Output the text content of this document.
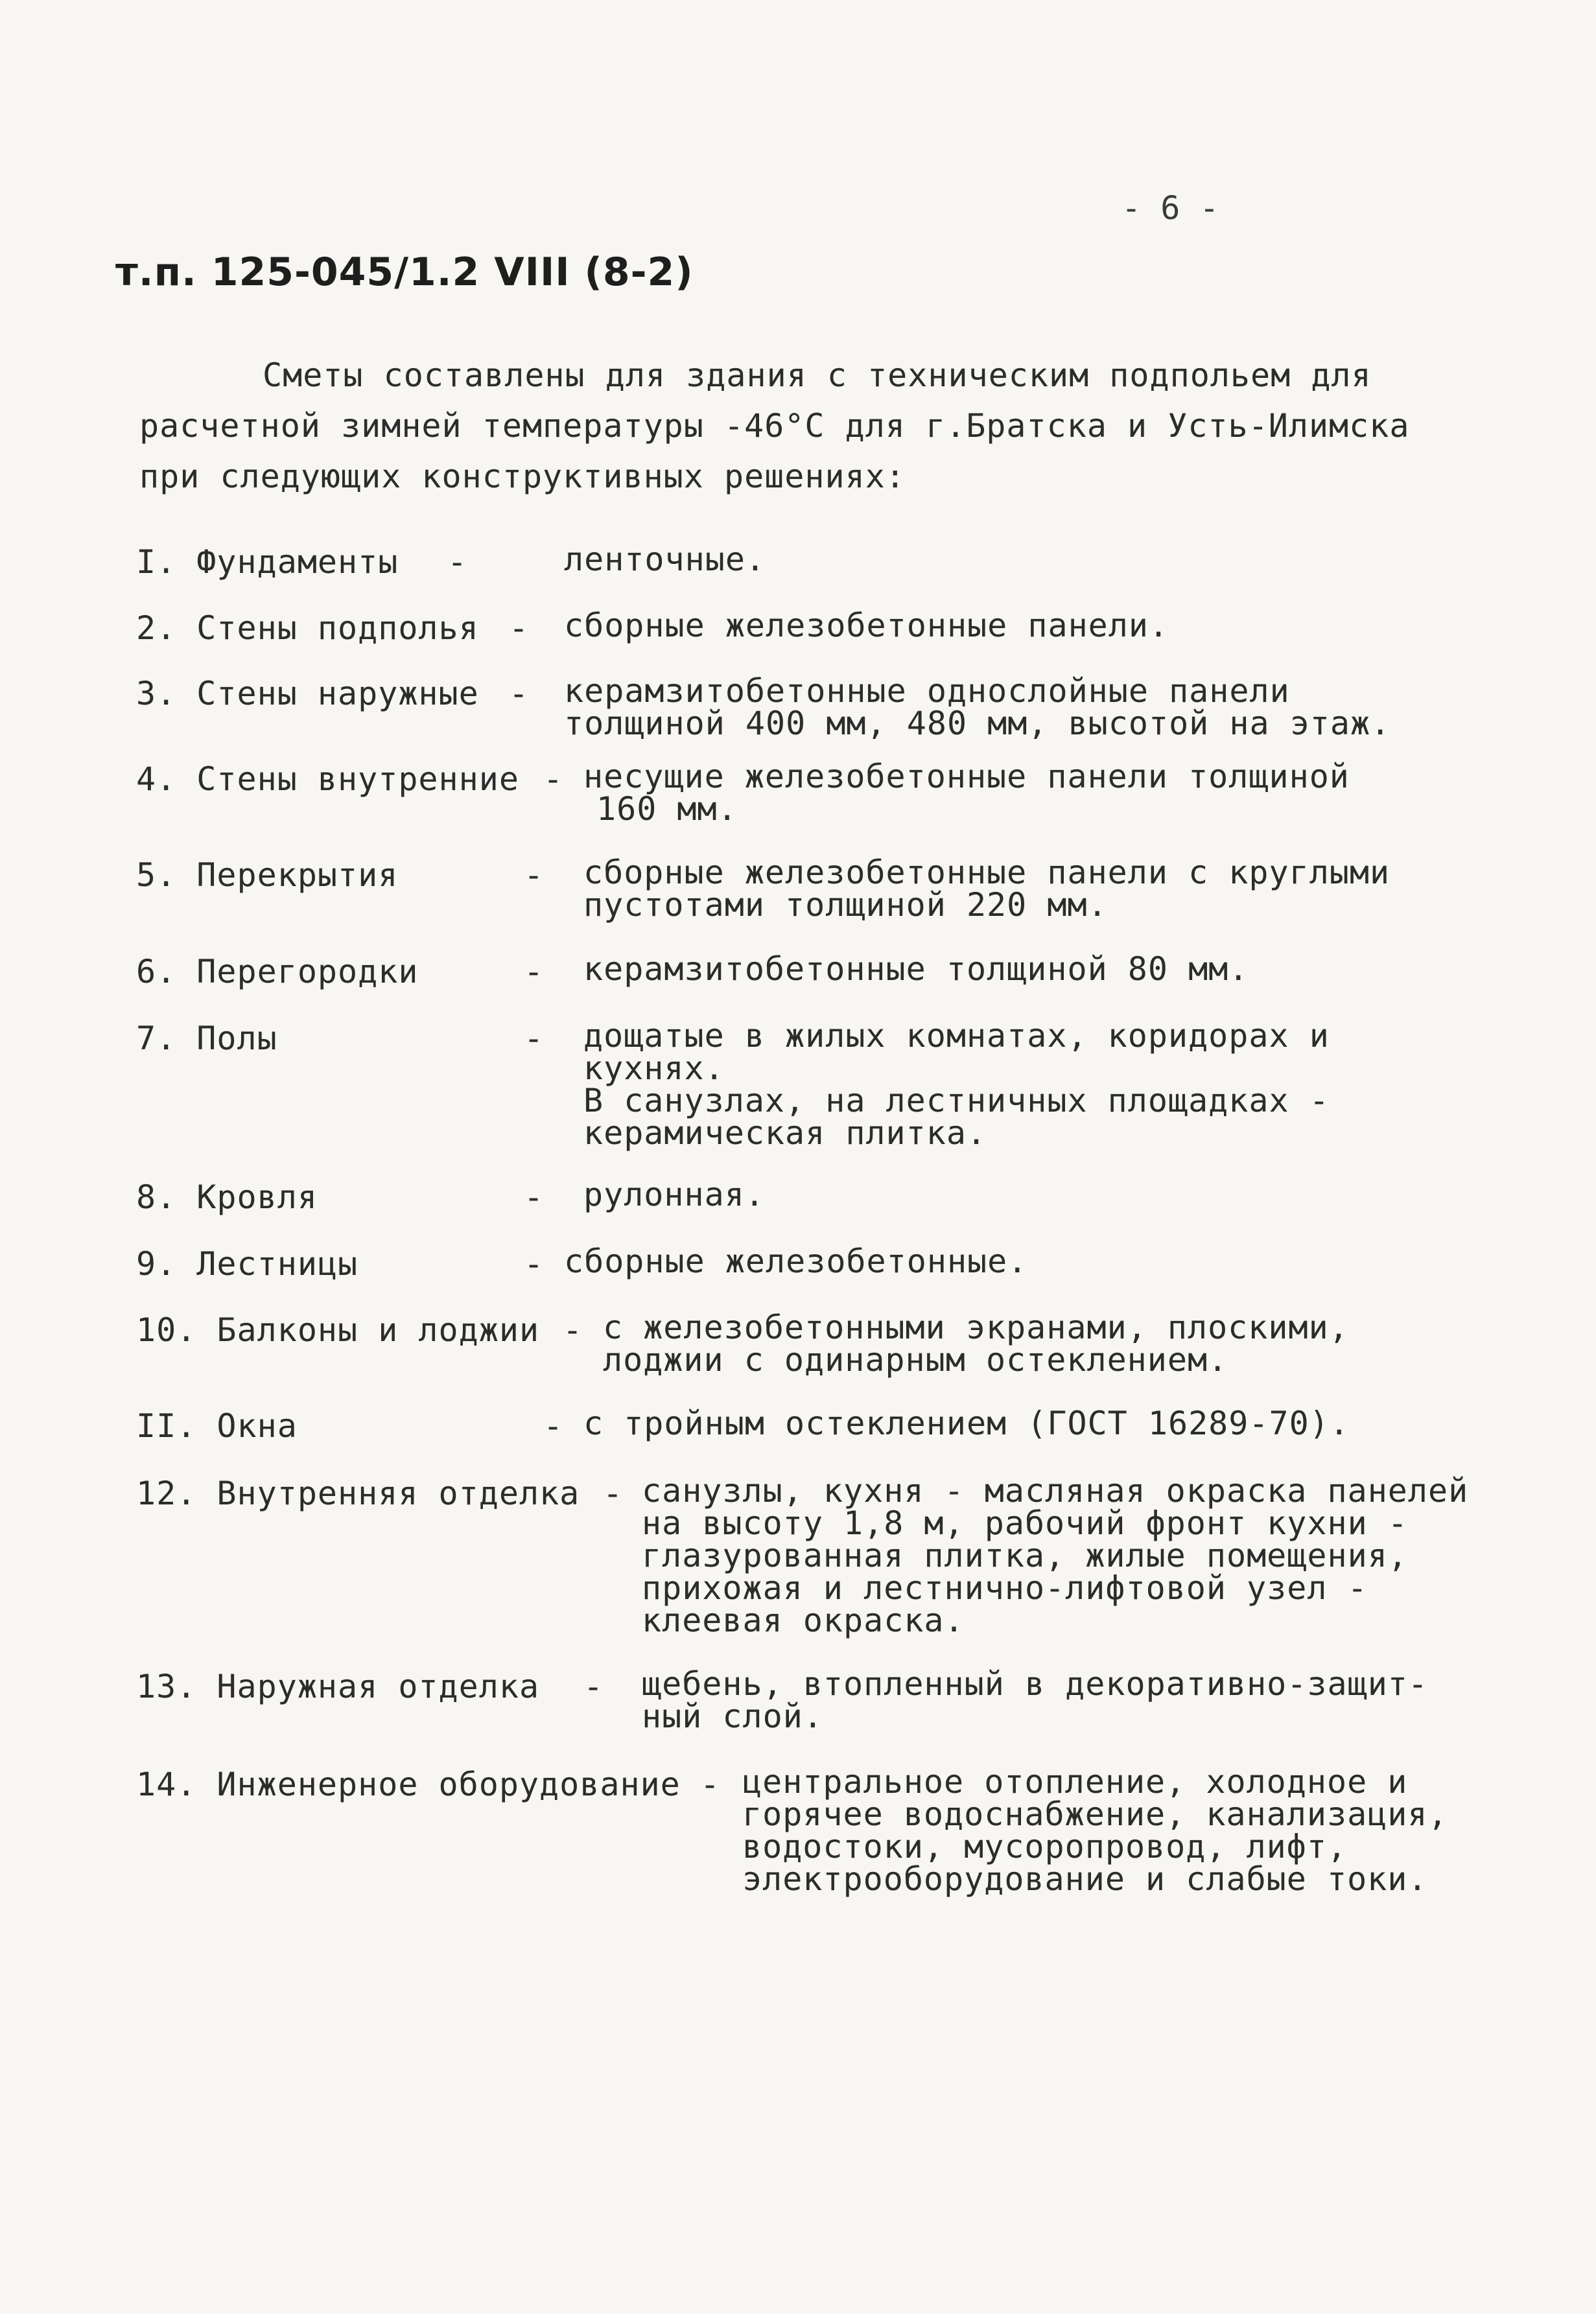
- 6 -
т.п. 125-045/1.2 VIII (8-2)

Сметы составлены для здания с техническим подпольем для

расчетной зимней температуры -46°С для г.Братска и Усть-Илимска

при следующих конструктивных решениях:

I. Фундаменты -	ленточные.

2. Стены подполья - сборные железобетонные панели.

3. Стены наружные - керамзитобетонные однослойные панели

толщиной 400 мм, 480 мм, высотой на этаж.

4. Стены внутренние - несущие железобетонные панели толщиной

160 мм.

5. Перекрытия	- сборные железобетонные панели с круглыми

пустотами толщиной 220 мм.

6. Перегородки	- керамзитобетонные толщиной 80 мм.

7. Полы	- дощатые в жилых комнатах, коридорах и

кухнях.

В санузлах, на лестничных площадках -

керамическая плитка.

8. Кровля	- рулонная.

9. Лестницы	- сборные железобетонные.

10. Балконы и лоджии - с железобетонными экранами, плоскими,

лоджии с одинарным остеклением.

II. Окна	- с тройным остеклением (ГОСТ 16289-70).

12. Внутренняя отделка - санузлы, кухня - масляная окраска панелей

на высоту 1,8 м, рабочий фронт кухни -

глазурованная плитка, жилые помещения,

прихожая и лестнично-лифтовой узел -

клеевая окраска.

13. Наружная отделка - щебень, втопленный в декоративно-защит-

ный слой.

14. Инженерное оборудование - центральное отопление, холодное и

горячее водоснабжение, канализация,

водостоки, мусоропровод, лифт,

электрооборудование и слабые токи.
